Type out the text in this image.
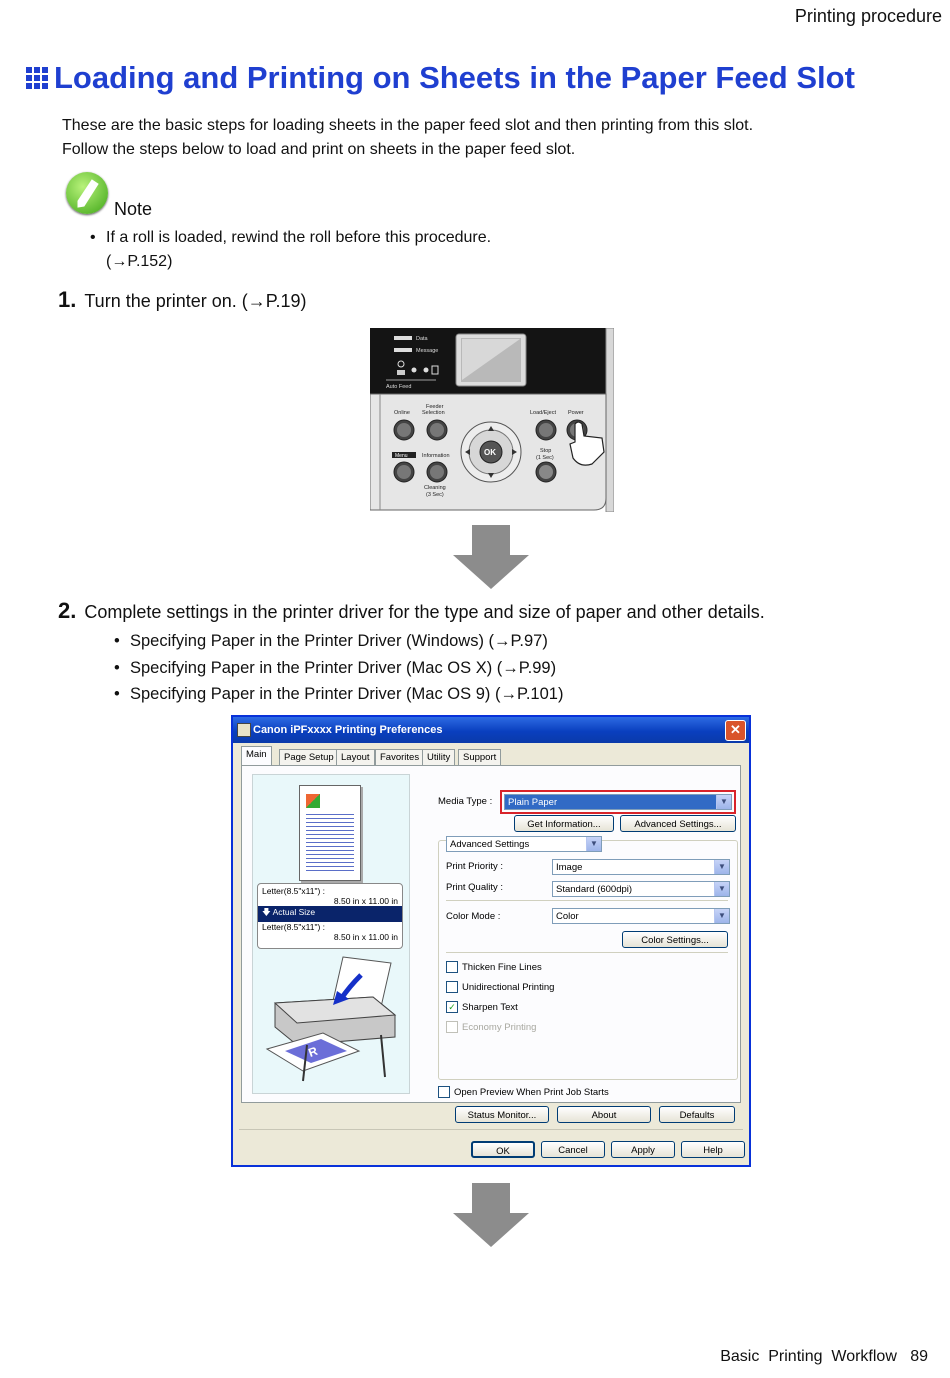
Printing procedure
Loading and Printing on Sheets in the Paper Feed Slot
These are the basic steps for loading sheets in the paper feed slot and then printing from this slot.
Follow the steps below to load and print on sheets in the paper feed slot.
Note
• If a roll is loaded, rewind the roll before this procedure.
(→P.152)
1. Turn the printer on. (→P.19)
Data
Message
Auto Feed
Online
Feeder
Selection
Menu	Information
Cleaning
(3 Sec)
OK
Load/Eject Power
Stop
(1 Sec)
2. Complete settings in the printer driver for the type and size of paper and other details.
• Specifying Paper in the Printer Driver (Windows) (→P.97)
• Specifying Paper in the Printer Driver (Mac OS X) (→P.99)
• Specifying Paper in the Printer Driver (Mac OS 9) (→P.101)
Canon iPFxxxx Printing Preferences	✕
Main	Page Setup Layout	Favorites Utility	Support
Letter(8.5"x11") :
8.50 in x 11.00 in
🡇 Actual Size
Letter(8.5"x11") :
8.50 in x 11.00 in
R
Media Type :	Plain Paper	▼
Get Information...	Advanced Settings...
Advanced Settings	▼
Print Priority :	Image	▼
Print Quality :	Standard (600dpi)	▼
Color Mode :	Color	▼
Color Settings...
Thicken Fine Lines
Unidirectional Printing
✓ Sharpen Text
Economy Printing
Open Preview When Print Job Starts
Status Monitor...	About	Defaults
OK	Cancel	Apply	Help
Basic  Printing  Workflow   89
